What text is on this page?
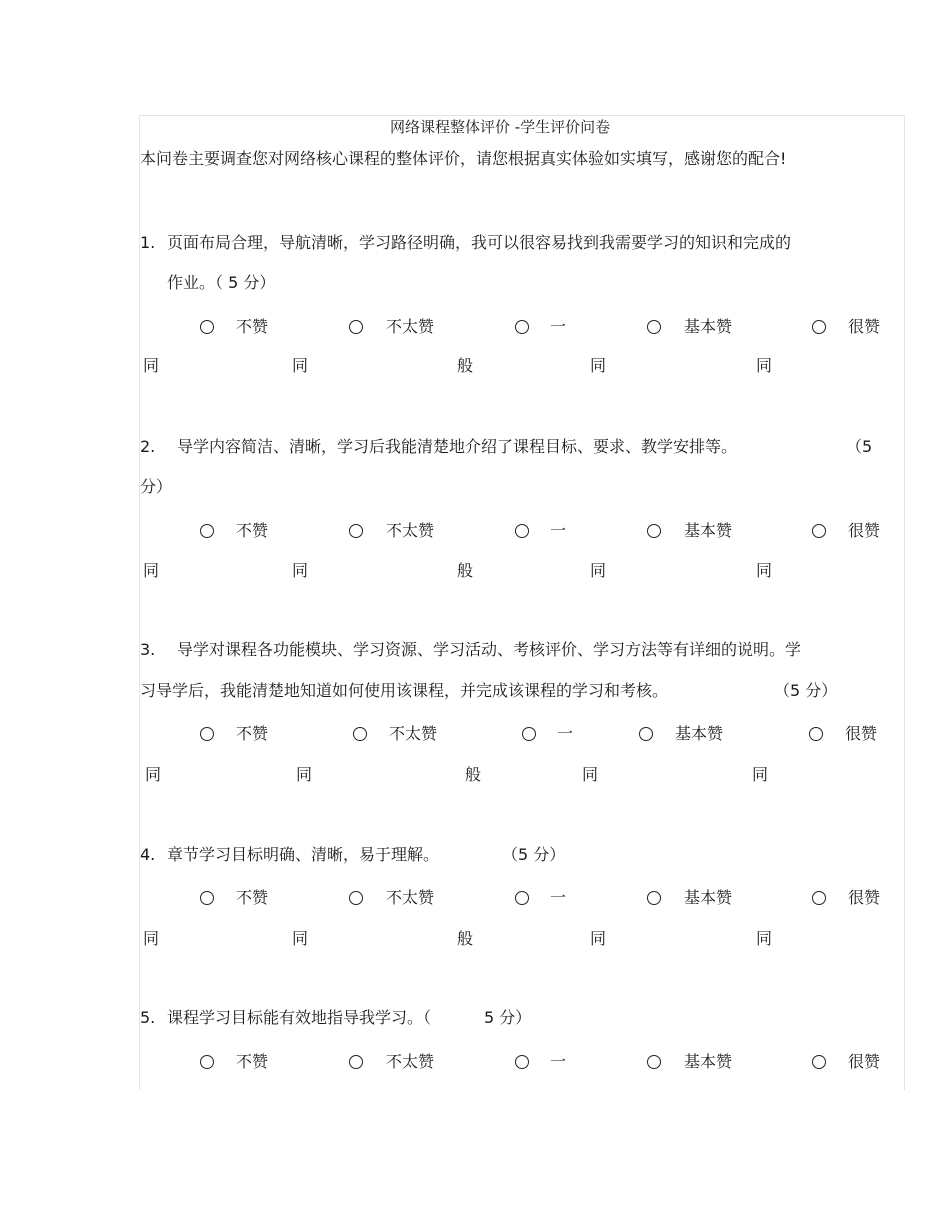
网络课程整体评价 -学生评价问卷
本问卷主要调查您对网络核心课程的整体评价，请您根据真实体验如实填写，感谢您的配合!
1. 页面布局合理，导航清晰，学习路径明确，我可以很容易找到我需要学习的知识和完成的
作业。（ 5 分）
不赞	不太赞	一	基本赞	很赞
同	同	般	同	同
2. 导学内容简洁、清晰，学习后我能清楚地介绍了课程目标、要求、教学安排等。	（5
分）
不赞	不太赞	一	基本赞	很赞
同	同	般	同	同
3. 导学对课程各功能模块、学习资源、学习活动、考核评价、学习方法等有详细的说明。学
习导学后，我能清楚地知道如何使用该课程，并完成该课程的学习和考核。	（5 分）
不赞	不太赞	一	基本赞	很赞
同	同	般	同	同
4. 章节学习目标明确、清晰，易于理解。	（5 分）
不赞	不太赞	一	基本赞	很赞
同	同	般	同	同
5. 课程学习目标能有效地指导我学习。（	5 分）
不赞	不太赞	一	基本赞	很赞
